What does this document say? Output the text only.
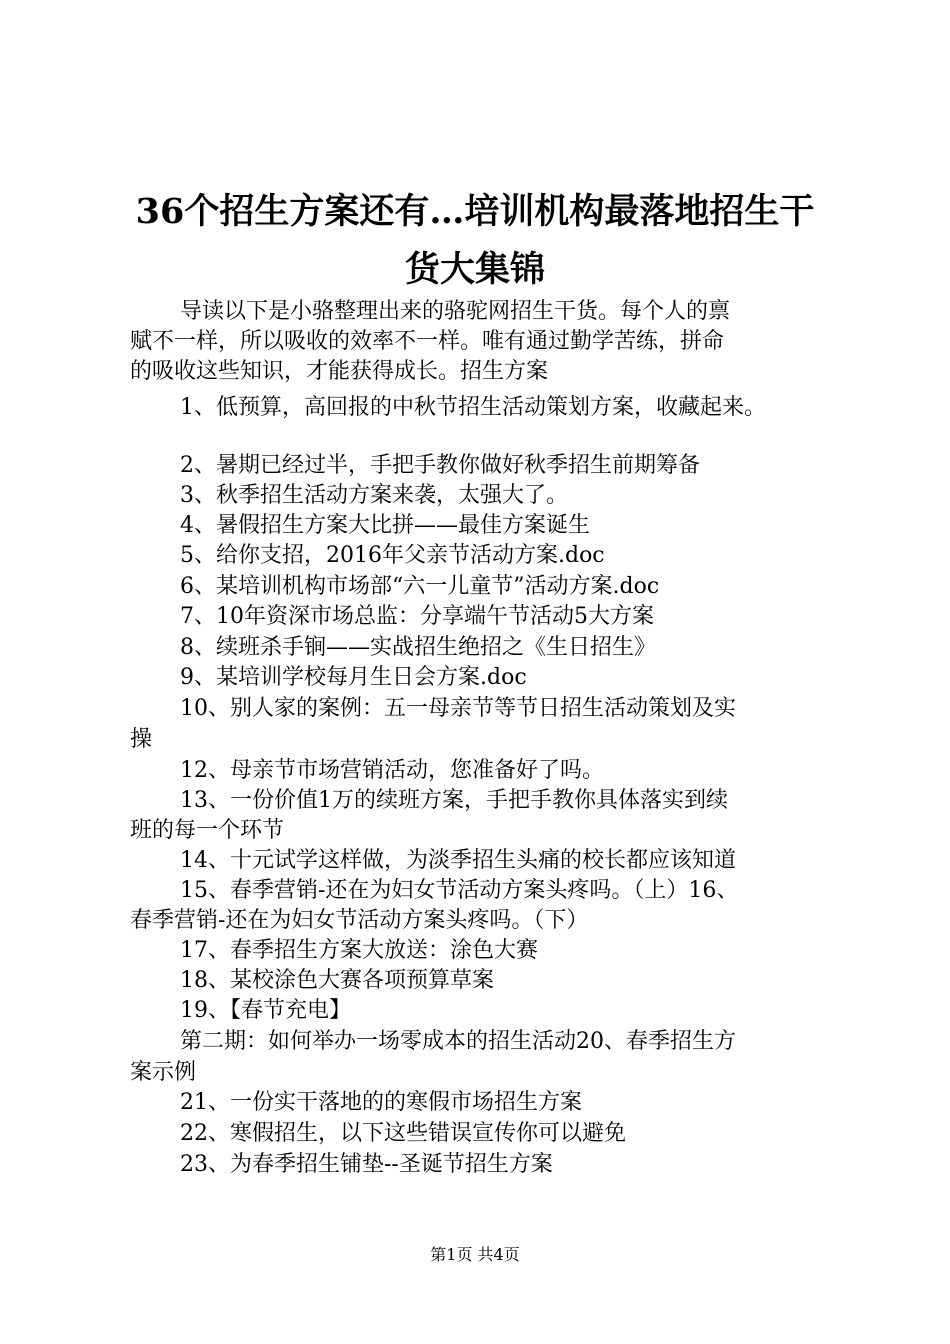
36个招生方案还有…培训机构最落地招生干
货大集锦

导读以下是小骆整理出来的骆驼网招生干货。每个人的禀

赋不一样，所以吸收的效率不一样。唯有通过勤学苦练，拼命

的吸收这些知识，才能获得成长。招生方案

1、低预算，高回报的中秋节招生活动策划方案，收藏起来。

2、暑期已经过半，手把手教你做好秋季招生前期筹备

3、秋季招生活动方案来袭，太强大了。

4、暑假招生方案大比拼——最佳方案诞生

5、给你支招，2016年父亲节活动方案.doc

6、某培训机构市场部“六一儿童节”活动方案.doc

7、10年资深市场总监：分享端午节活动5大方案

8、续班杀手锏——实战招生绝招之《生日招生》

9、某培训学校每月生日会方案.doc

10、别人家的案例：五一母亲节等节日招生活动策划及实

操

12、母亲节市场营销活动，您准备好了吗。

13、一份价值1万的续班方案，手把手教你具体落实到续

班的每一个环节

14、十元试学这样做，为淡季招生头痛的校长都应该知道

15、春季营销-还在为妇女节活动方案头疼吗。（上）16、

春季营销-还在为妇女节活动方案头疼吗。（下）

17、春季招生方案大放送：涂色大赛

18、某校涂色大赛各项预算草案

19、【春节充电】

第二期：如何举办一场零成本的招生活动20、春季招生方

案示例

21、一份实干落地的的寒假市场招生方案

22、寒假招生，以下这些错误宣传你可以避免

23、为春季招生铺垫--圣诞节招生方案

第1页 共4页
